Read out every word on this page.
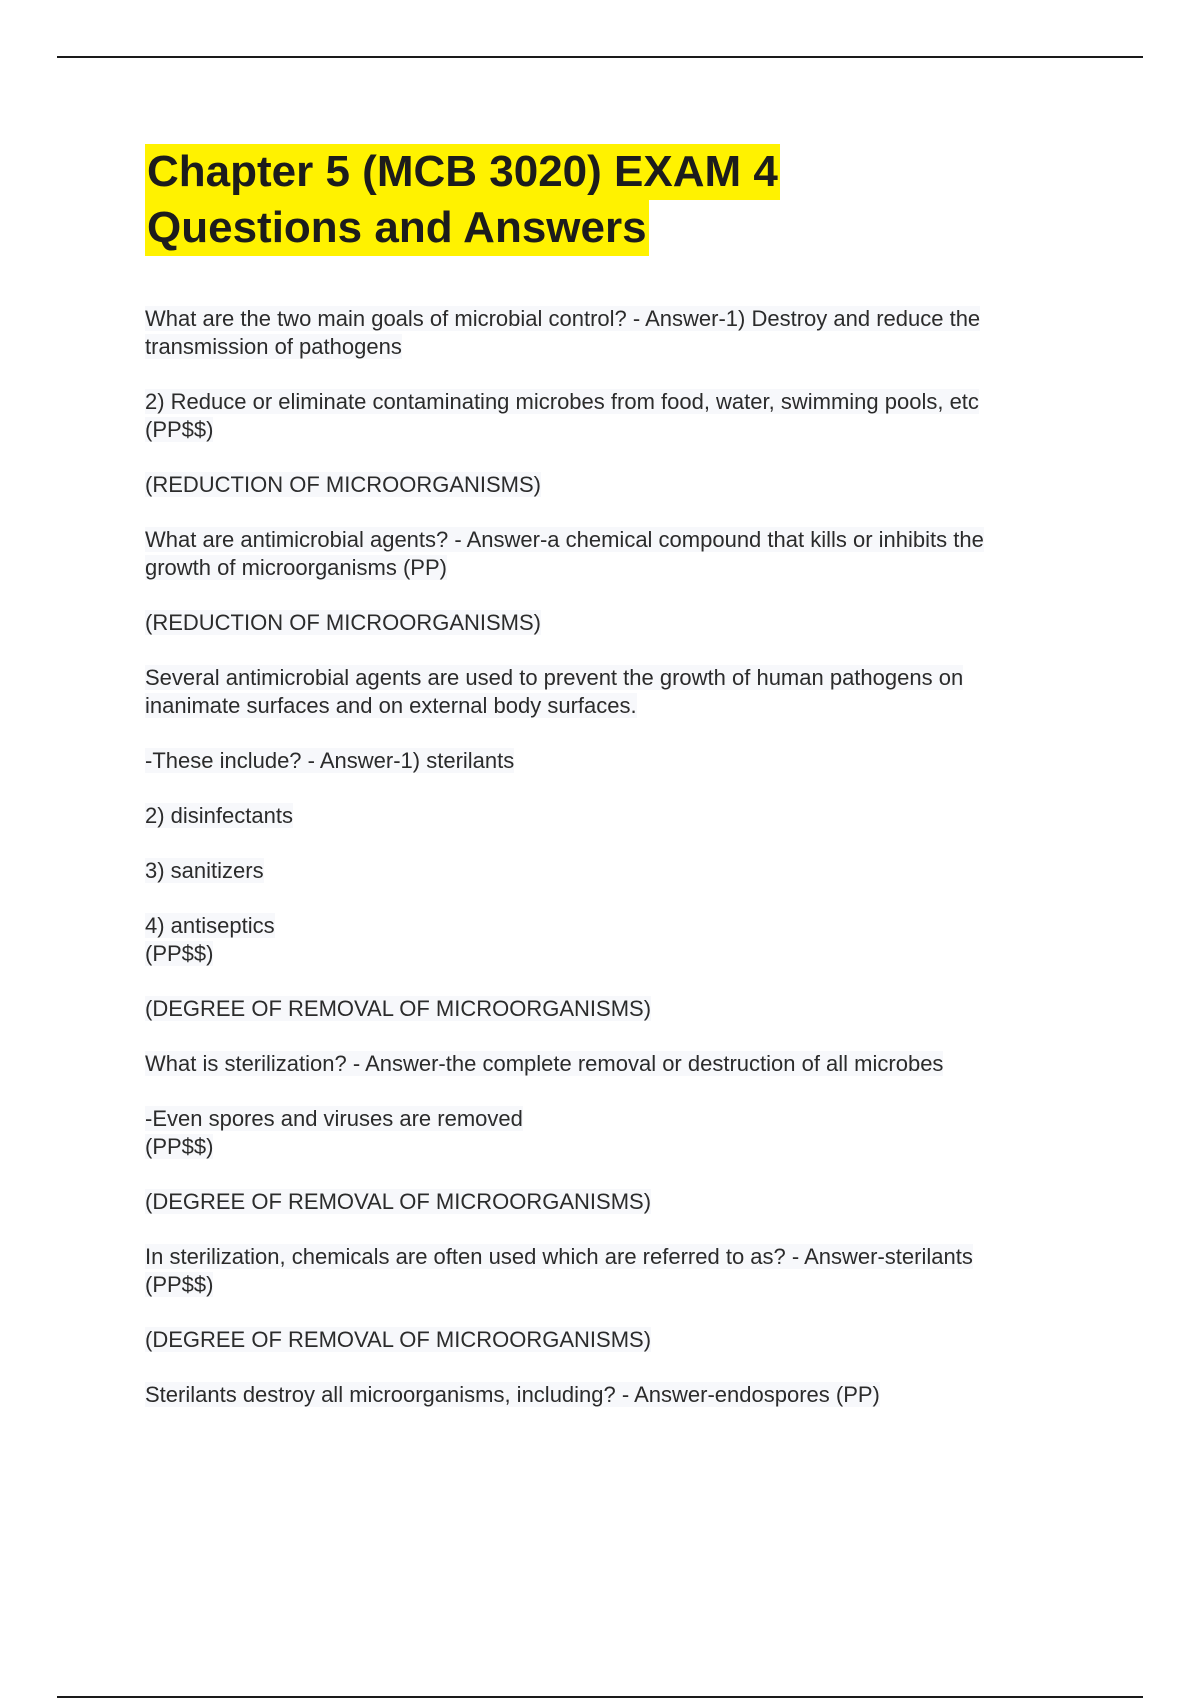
Chapter 5 (MCB 3020) EXAM 4
Questions and Answers

What are the two main goals of microbial control? - Answer-1) Destroy and reduce the
transmission of pathogens

2) Reduce or eliminate contaminating microbes from food, water, swimming pools, etc
(PP$$)

(REDUCTION OF MICROORGANISMS)

What are antimicrobial agents? - Answer-a chemical compound that kills or inhibits the
growth of microorganisms (PP)

(REDUCTION OF MICROORGANISMS)

Several antimicrobial agents are used to prevent the growth of human pathogens on
inanimate surfaces and on external body surfaces.

-These include? - Answer-1) sterilants

2) disinfectants

3) sanitizers

4) antiseptics
(PP$$)

(DEGREE OF REMOVAL OF MICROORGANISMS)

What is sterilization? - Answer-the complete removal or destruction of all microbes

-Even spores and viruses are removed
(PP$$)

(DEGREE OF REMOVAL OF MICROORGANISMS)

In sterilization, chemicals are often used which are referred to as? - Answer-sterilants
(PP$$)

(DEGREE OF REMOVAL OF MICROORGANISMS)

Sterilants destroy all microorganisms, including? - Answer-endospores (PP)
